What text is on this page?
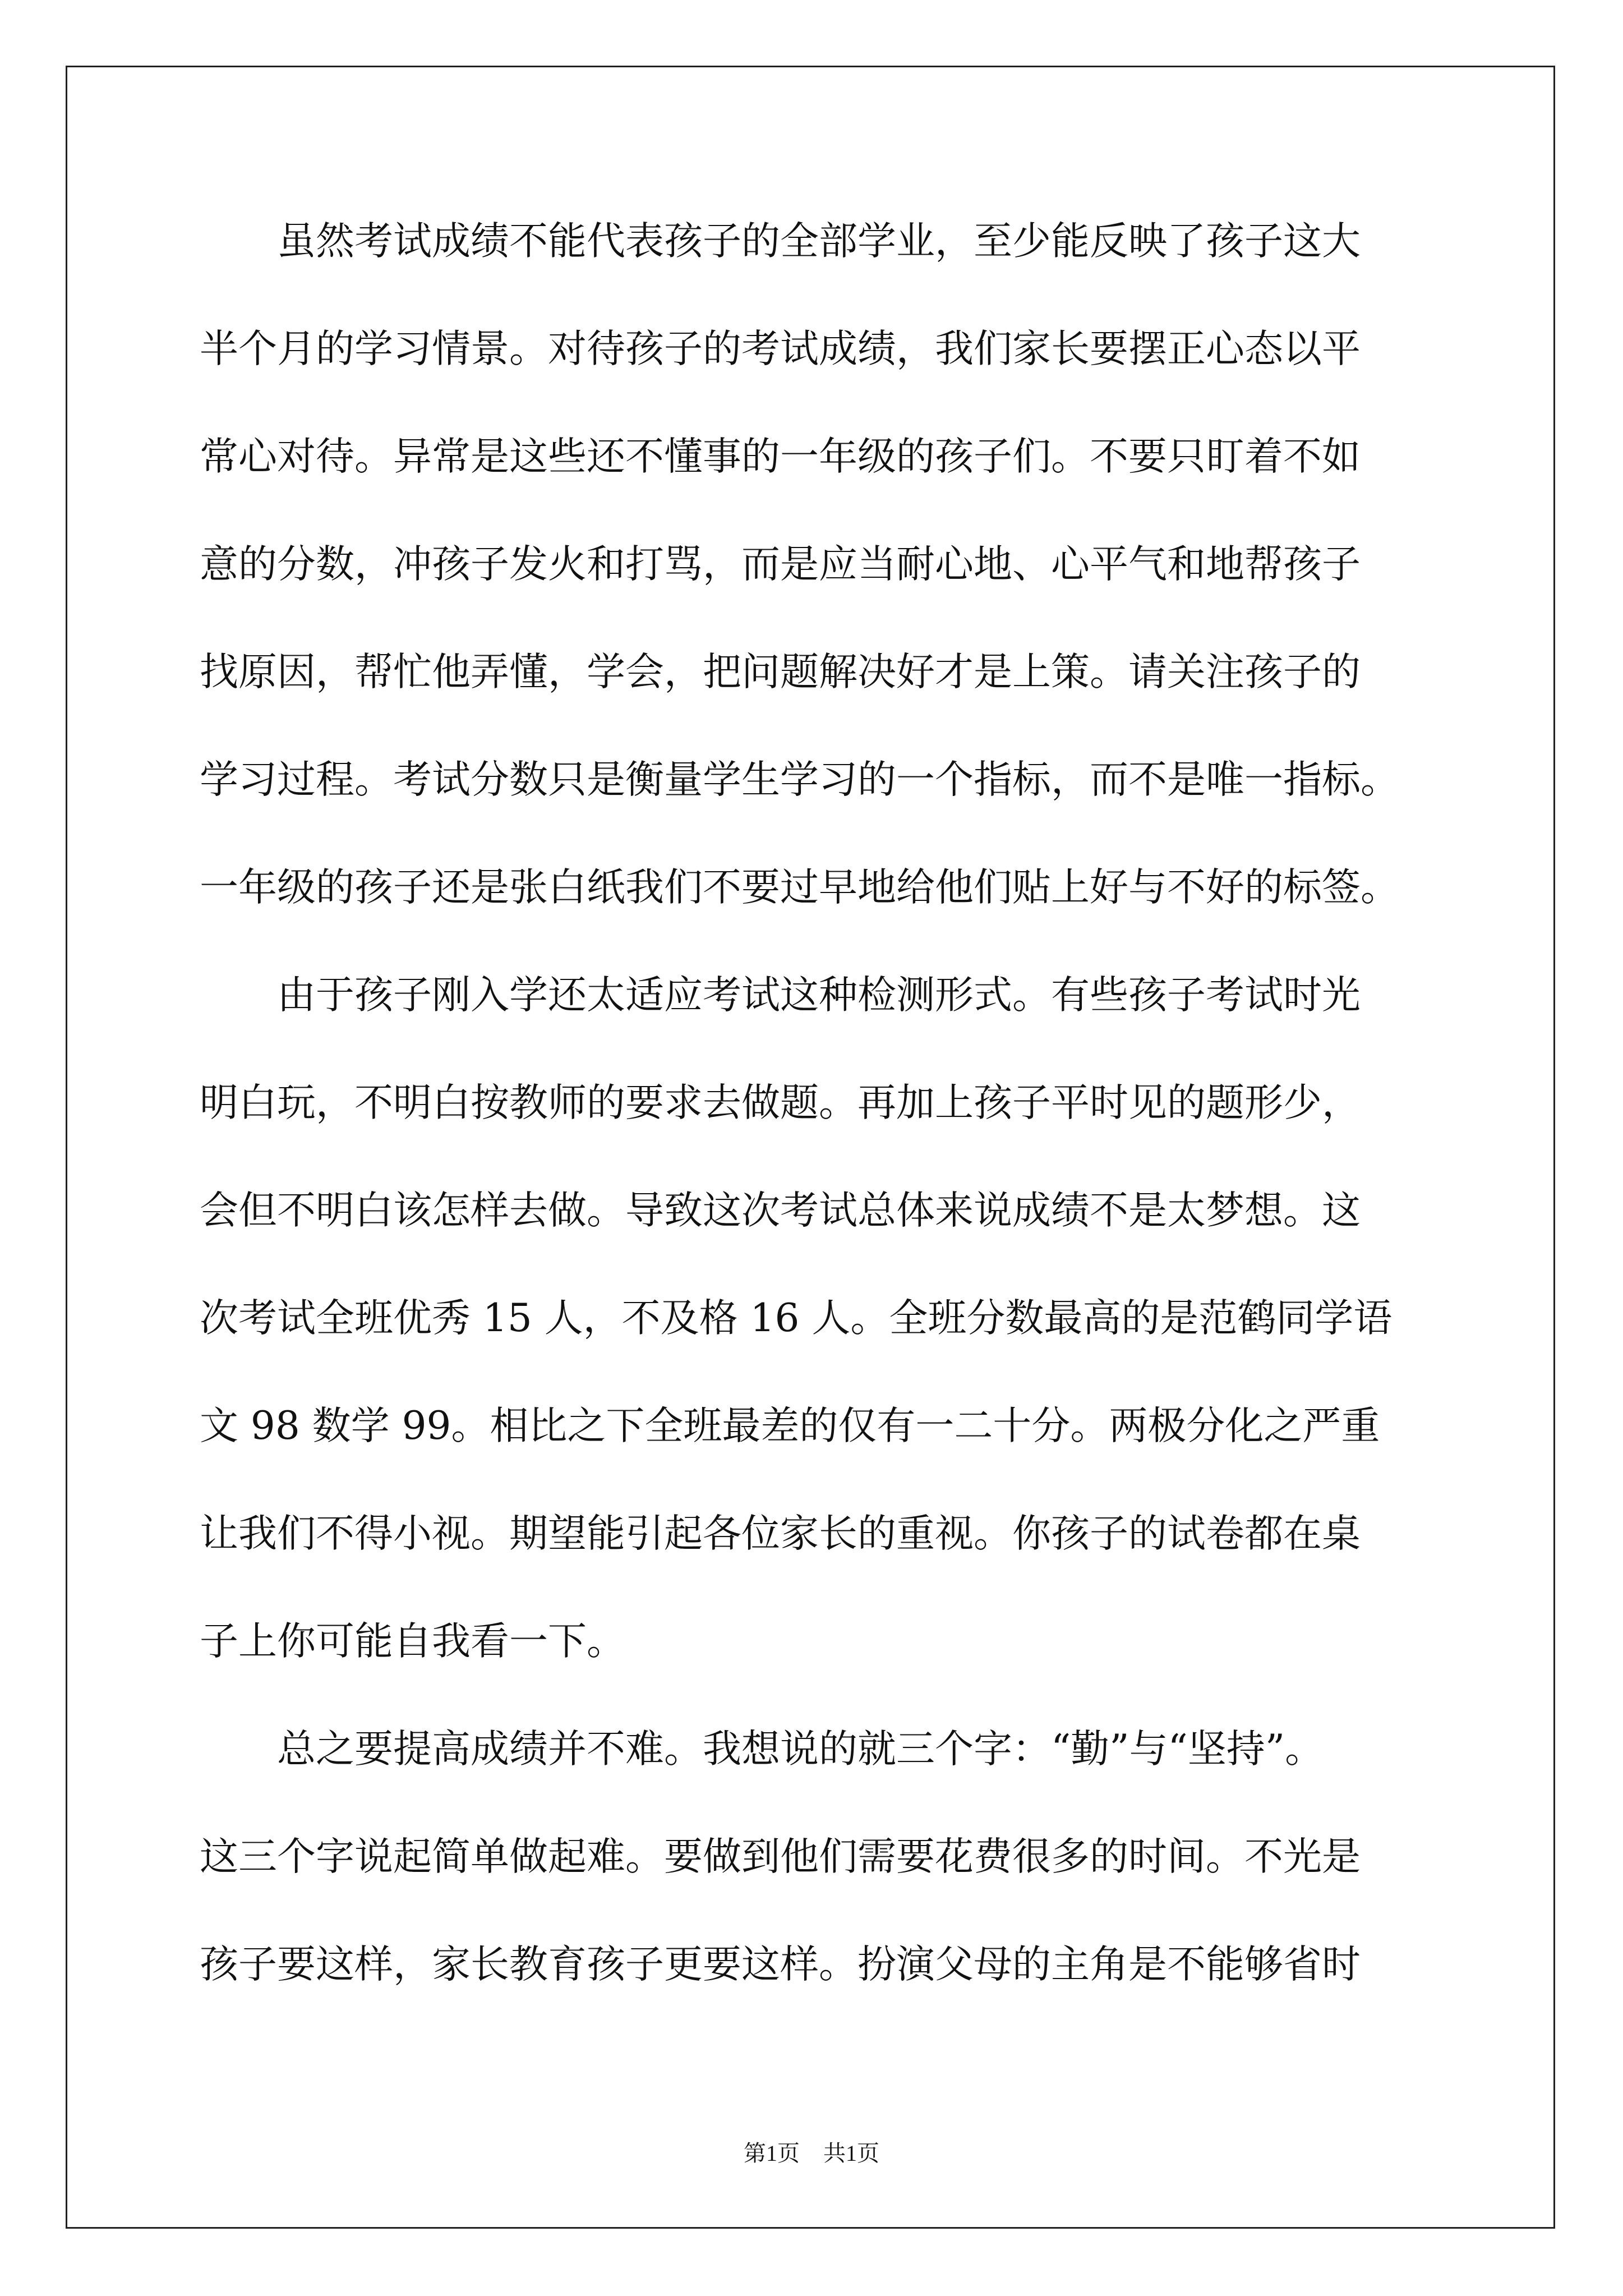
　　虽然考试成绩不能代表孩子的全部学业，至少能反映了孩子这大
半个月的学习情景。对待孩子的考试成绩，我们家长要摆正心态以平
常心对待。异常是这些还不懂事的一年级的孩子们。不要只盯着不如
意的分数，冲孩子发火和打骂，而是应当耐心地、心平气和地帮孩子
找原因，帮忙他弄懂，学会，把问题解决好才是上策。请关注孩子的
学习过程。考试分数只是衡量学生学习的一个指标，而不是唯一指标。
一年级的孩子还是张白纸我们不要过早地给他们贴上好与不好的标签。
　　由于孩子刚入学还太适应考试这种检测形式。有些孩子考试时光
明白玩，不明白按教师的要求去做题。再加上孩子平时见的题形少，
会但不明白该怎样去做。导致这次考试总体来说成绩不是太梦想。这
次考试全班优秀 15 人，不及格 16 人。全班分数最高的是范鹤同学语
文 98 数学 99。相比之下全班最差的仅有一二十分。两极分化之严重
让我们不得小视。期望能引起各位家长的重视。你孩子的试卷都在桌
子上你可能自我看一下。
　　总之要提高成绩并不难。我想说的就三个字：“勤”与“坚持”。
这三个字说起简单做起难。要做到他们需要花费很多的时间。不光是
孩子要这样，家长教育孩子更要这样。扮演父母的主角是不能够省时
第1页 共1页
